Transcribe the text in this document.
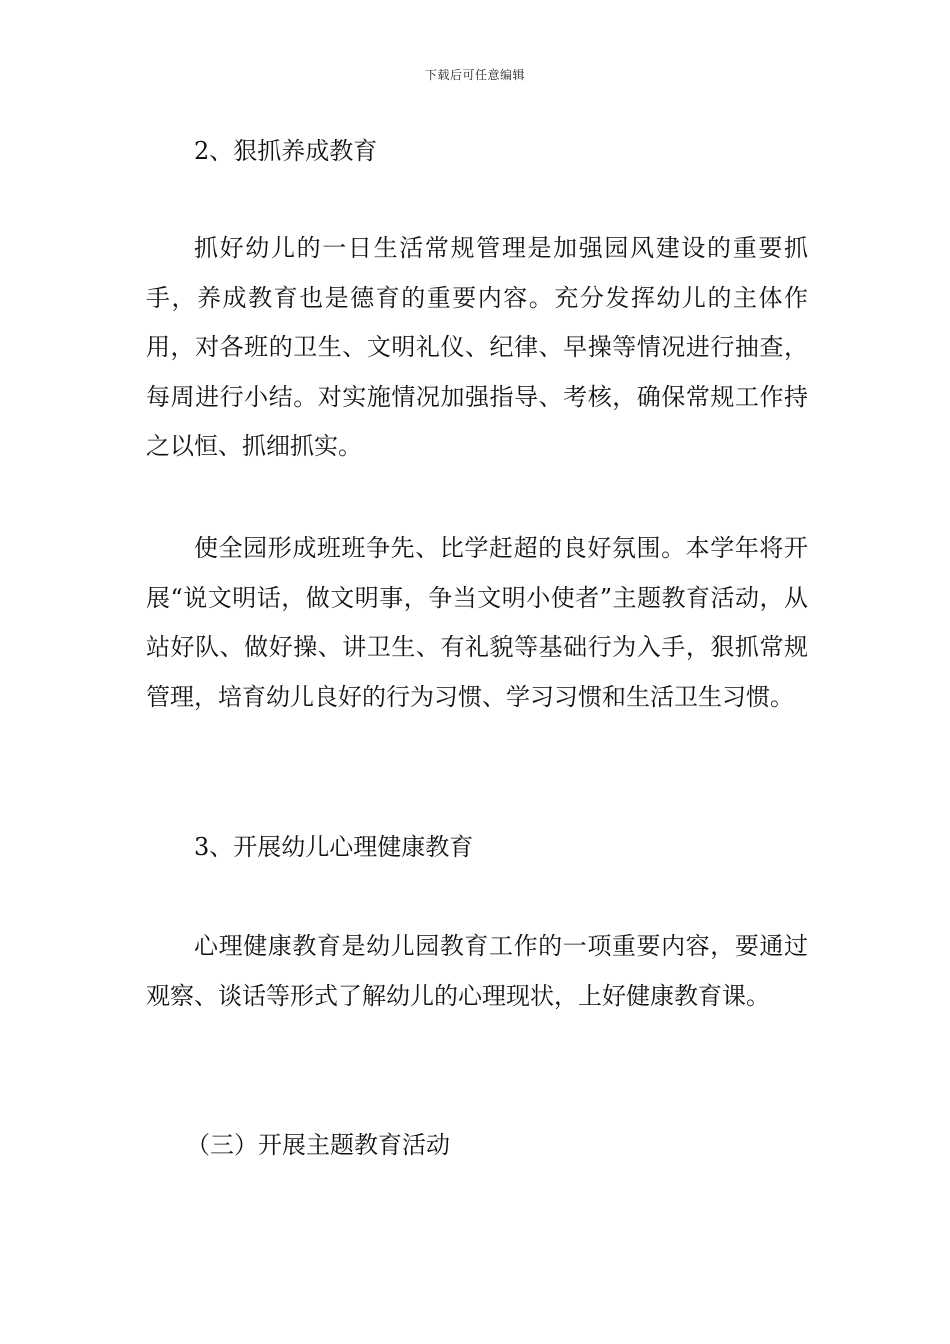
下载后可任意编辑
2、狠抓养成教育
抓好幼儿的一日生活常规管理是加强园风建设的重要抓手，养成教育也是德育的重要内容。充分发挥幼儿的主体作用，对各班的卫生、文明礼仪、纪律、早操等情况进行抽查，每周进行小结。对实施情况加强指导、考核，确保常规工作持之以恒、抓细抓实。
使全园形成班班争先、比学赶超的良好氛围。本学年将开展“说文明话，做文明事，争当文明小使者”主题教育活动，从站好队、做好操、讲卫生、有礼貌等基础行为入手，狠抓常规管理，培育幼儿良好的行为习惯、学习习惯和生活卫生习惯。
3、开展幼儿心理健康教育
心理健康教育是幼儿园教育工作的一项重要内容，要通过观察、谈话等形式了解幼儿的心理现状，上好健康教育课。
（三）开展主题教育活动
